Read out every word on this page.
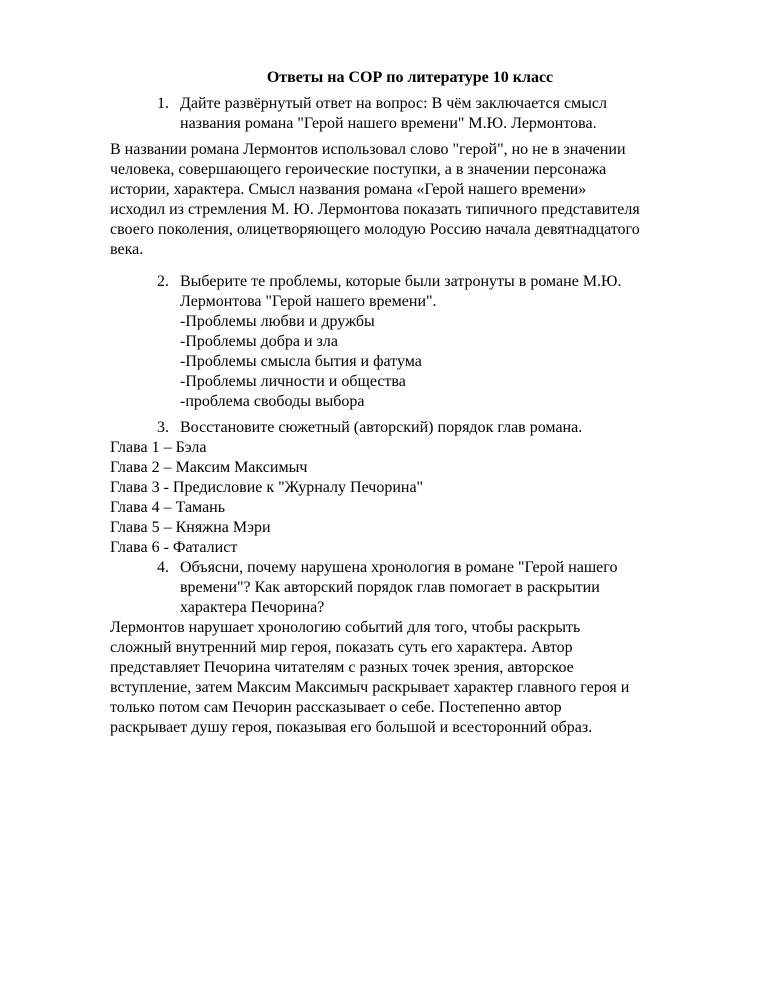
Ответы на СОР по литературе 10 класс
1. Дайте развёрнутый ответ на вопрос: В чём заключается смысл
названия романа "Герой нашего времени" М.Ю. Лермонтова.

В названии романа Лермонтов использовал слово "герой", но не в значении

человека, совершающего героические поступки, а в значении персонажа

истории, характера. Смысл названия романа «Герой нашего времени»

исходил из стремления М. Ю. Лермонтова показать типичного представителя

своего поколения, олицетворяющего молодую Россию начала девятнадцатого

века.

2. Выберите те проблемы, которые были затронуты в романе М.Ю.
Лермонтова "Герой нашего времени".
-Проблемы любви и дружбы
-Проблемы добра и зла
-Проблемы смысла бытия и фатума
-Проблемы личности и общества
-проблема свободы выбора
3. Восстановите сюжетный (авторский) порядок глав романа.
Глава 1 – Бэла
Глава 2 – Максим Максимыч
Глава 3 - Предисловие к "Журналу Печорина"
Глава 4 – Тамань
Глава 5 – Княжна Мэри
Глава 6 - Фаталист
4. Объясни, почему нарушена хронология в романе "Герой нашего
времени"? Как авторский порядок глав помогает в раскрытии
характера Печорина?

Лермонтов нарушает хронологию событий для того, чтобы раскрыть

сложный внутренний мир героя, показать суть его характера. Автор

представляет Печорина читателям с разных точек зрения, авторское

вступление, затем Максим Максимыч раскрывает характер главного героя и

только потом сам Печорин рассказывает о себе. Постепенно автор

раскрывает душу героя, показывая его большой и всесторонний образ.
